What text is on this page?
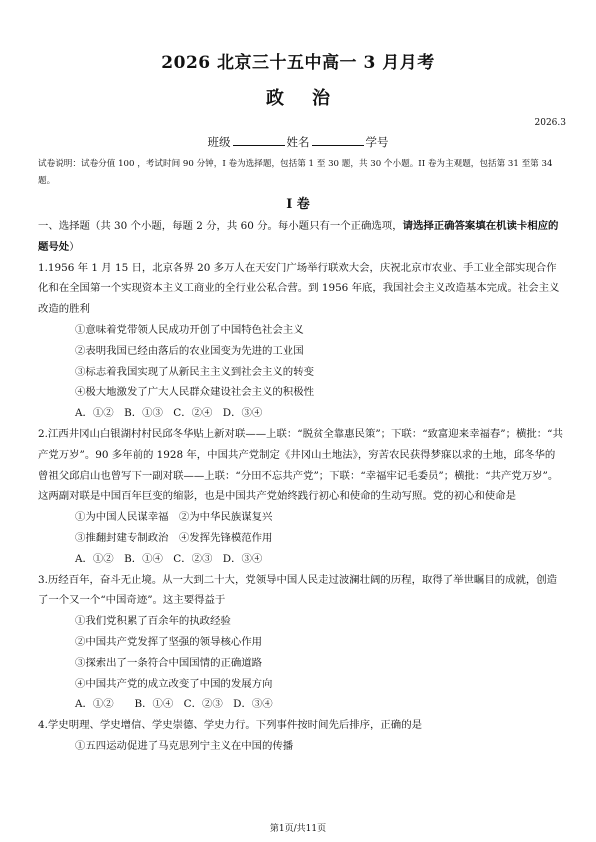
2026 北京三十五中高一 3 月月考
政治
2026.3
班级	姓名	学号
试卷说明：试卷分值 100 ，考试时间 90 分钟，I 卷为选择题，包括第 1 至 30 题，共 30 个小题。II 卷为主观题，包括第 31 至第 34 题。
I 卷

一、选择题（共 30 个小题，每题 2 分，共 60 分。每小题只有一个正确选项，请选择正确答案填在机读卡相应的题号处）

1.1956 年 1 月 15 日，北京各界 20 多万人在天安门广场举行联欢大会，庆祝北京市农业、手工业全部实现合作化和在全国第一个实现资本主义工商业的全行业公私合营。到 1956 年底，我国社会主义改造基本完成。社会主义改造的胜利

①意味着党带领人民成功开创了中国特色社会主义

②表明我国已经由落后的农业国变为先进的工业国

③标志着我国实现了从新民主主义到社会主义的转变

④极大地激发了广大人民群众建设社会主义的积极性

A．①②　B．①③　C．②④　D．③④

2.江西井冈山白银湖村村民邱冬华贴上新对联——上联：“脱贫全靠惠民策”；下联：“致富迎来幸福春”；横批：“共产党万岁”。90 多年前的 1928 年，中国共产党制定《井冈山土地法》，穷苦农民获得梦寐以求的土地，邱冬华的曾祖父邱启山也曾写下一副对联——上联：“分田不忘共产党”；下联：“幸福牢记毛委员”；横批：“共产党万岁”。这两副对联是中国百年巨变的缩影，也是中国共产党始终践行初心和使命的生动写照。党的初心和使命是

①为中国人民谋幸福　②为中华民族谋复兴

③推翻封建专制政治　④发挥先锋模范作用

A．①②　B．①④　C．②③　D．③④

3.历经百年，奋斗无止境。从一大到二十大，党领导中国人民走过波澜壮阔的历程，取得了举世瞩目的成就，创造了一个又一个“中国奇迹”。这主要得益于

①我们党积累了百余年的执政经验

②中国共产党发挥了坚强的领导核心作用

③探索出了一条符合中国国情的正确道路

④中国共产党的成立改变了中国的发展方向

A．①②　　B．①④　C．②③　D．③④

4.学史明理、学史增信、学史崇德、学史力行。下列事件按时间先后排序，正确的是

①五四运动促进了马克思列宁主义在中国的传播

第1页/共11页
